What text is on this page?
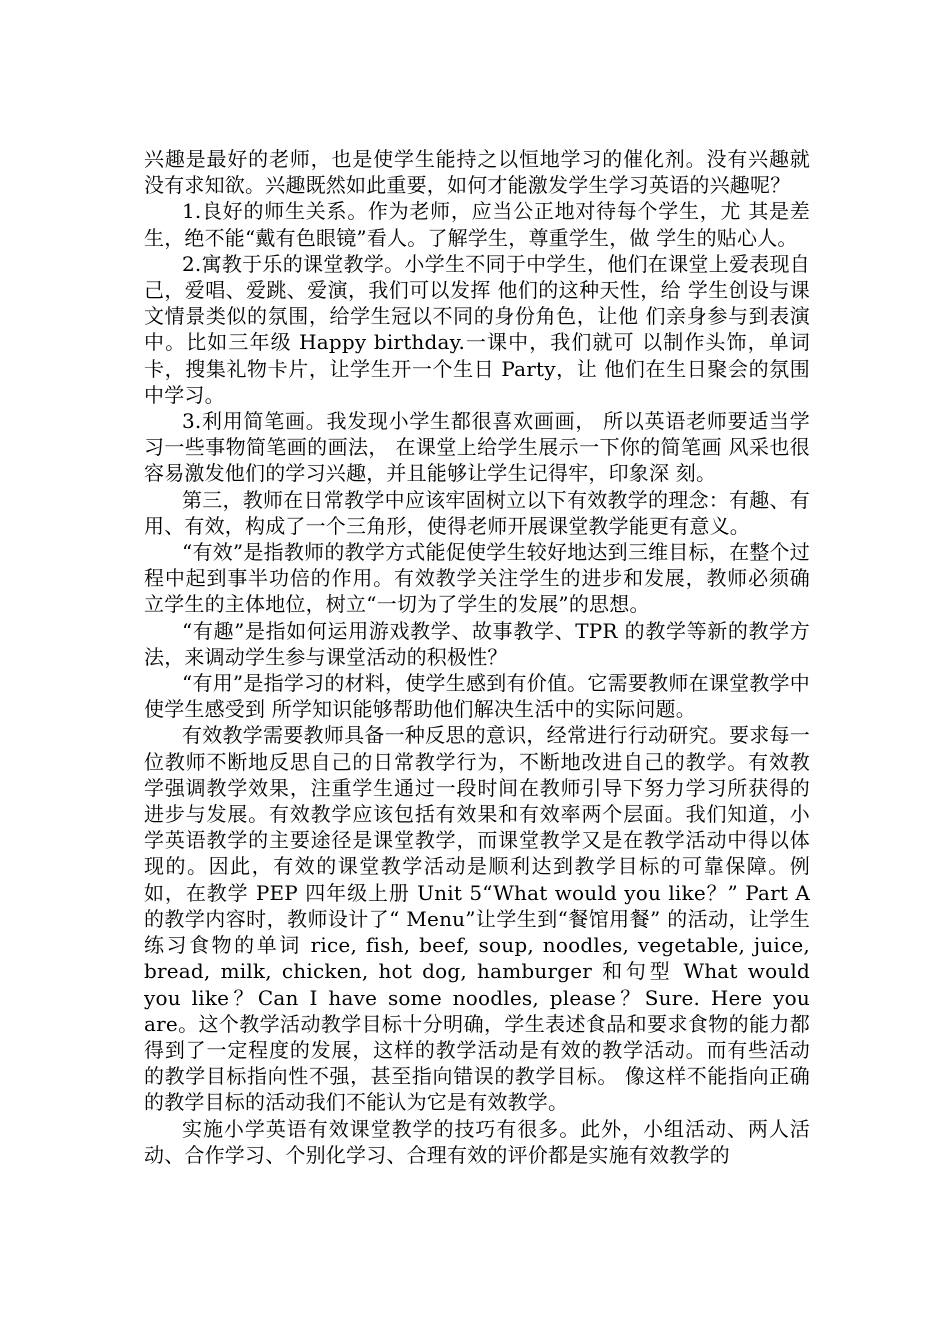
兴趣是最好的老师，也是使学生能持之以恒地学习的催化剂。没有兴趣就没有求知欲。兴趣既然如此重要，如何才能激发学生学习英语的兴趣呢？

1.良好的师生关系。作为老师，应当公正地对待每个学生，尤 其是差生，绝不能“戴有色眼镜”看人。了解学生，尊重学生，做 学生的贴心人。

2.寓教于乐的课堂教学。小学生不同于中学生，他们在课堂上爱表现自己，爱唱、爱跳、爱演，我们可以发挥 他们的这种天性，给 学生创设与课文情景类似的氛围，给学生冠以不同的身份角色，让他 们亲身参与到表演中。比如三年级 Happy birthday.一课中，我们就可 以制作头饰，单词卡，搜集礼物卡片，让学生开一个生日 Party，让 他们在生日聚会的氛围中学习。

3.利用简笔画。我发现小学生都很喜欢画画， 所以英语老师要适当学习一些事物简笔画的画法， 在课堂上给学生展示一下你的简笔画 风采也很容易激发他们的学习兴趣，并且能够让学生记得牢，印象深 刻。

第三，教师在日常教学中应该牢固树立以下有效教学的理念：有趣、有用、有效，构成了一个三角形，使得老师开展课堂教学能更有意义。

“有效”是指教师的教学方式能促使学生较好地达到三维目标，在整个过程中起到事半功倍的作用。有效教学关注学生的进步和发展，教师必须确立学生的主体地位，树立“一切为了学生的发展”的思想。

“有趣”是指如何运用游戏教学、故事教学、TPR 的教学等新的教学方法，来调动学生参与课堂活动的积极性？

“有用”是指学习的材料，使学生感到有价值。它需要教师在课堂教学中使学生感受到 所学知识能够帮助他们解决生活中的实际问题。

有效教学需要教师具备一种反思的意识，经常进行行动研究。要求每一位教师不断地反思自己的日常教学行为，不断地改进自己的教学。有效教学强调教学效果，注重学生通过一段时间在教师引导下努力学习所获得的进步与发展。有效教学应该包括有效果和有效率两个层面。我们知道，小学英语教学的主要途径是课堂教学，而课堂教学又是在教学活动中得以体现的。因此，有效的课堂教学活动是顺利达到教学目标的可靠保障。例如，在教学 PEP 四年级上册 Unit 5“What would you like？” Part A 的教学内容时，教师设计了“ Menu”让学生到“餐馆用餐” 的活动，让学生练习食物的单词 rice, fish, beef, soup, noodles, vegetable, juice, bread, milk, chicken, hot dog, hamburger 和句型 What would you like？Can I have some noodles, please？Sure. Here you are。这个教学活动教学目标十分明确，学生表述食品和要求食物的能力都得到了一定程度的发展，这样的教学活动是有效的教学活动。而有些活动的教学目标指向性不强，甚至指向错误的教学目标。 像这样不能指向正确的教学目标的活动我们不能认为它是有效教学。

实施小学英语有效课堂教学的技巧有很多。此外，小组活动、两人活动、合作学习、个别化学习、合理有效的评价都是实施有效教学的
